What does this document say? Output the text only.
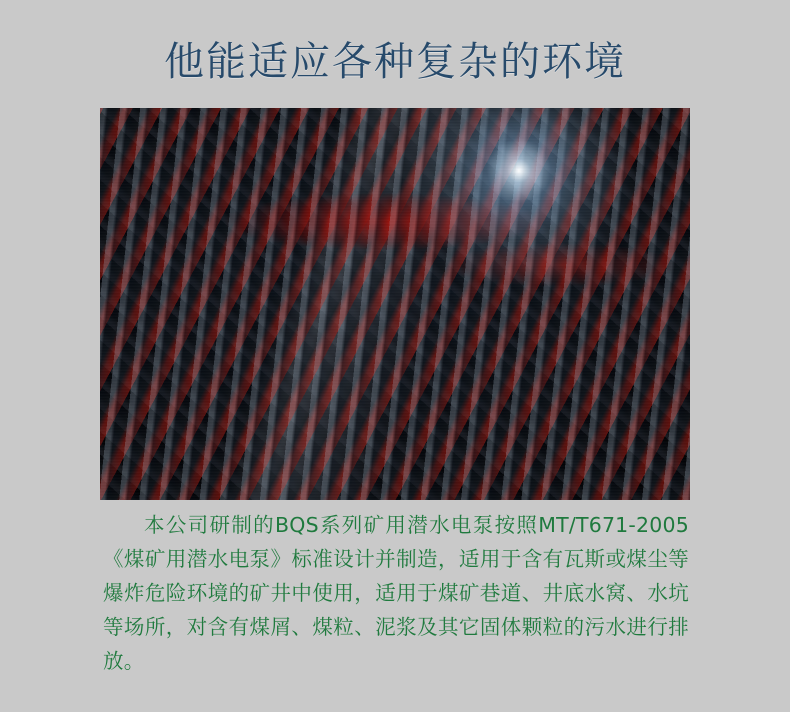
他能适应各种复杂的环境
本公司研制的BQS系列矿用潜水电泵按照MT/T671-2005《煤矿用潜水电泵》标准设计并制造，适用于含有瓦斯或煤尘等爆炸危险环境的矿井中使用，适用于煤矿巷道、井底水窝、水坑等场所，对含有煤屑、煤粒、泥浆及其它固体颗粒的污水进行排放。
